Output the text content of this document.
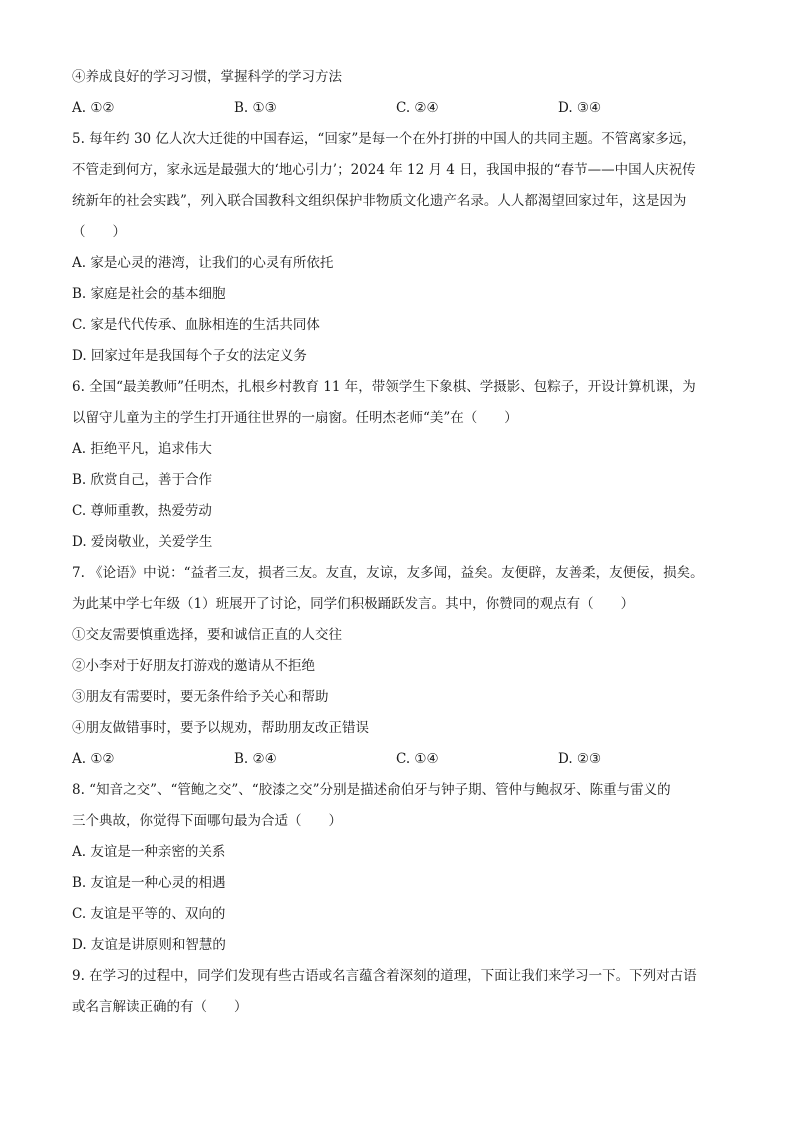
④养成良好的学习习惯，掌握科学的学习方法
A. ①②	B. ①③	C. ②④	D. ③④
5. 每年约 30 亿人次大迁徙的中国春运，“回家”是每一个在外打拼的中国人的共同主题。不管离家多远，
不管走到何方，家永远是最强大的‘地心引力’；2024 年 12 月 4 日，我国申报的“春节——中国人庆祝传
统新年的社会实践”，列入联合国教科文组织保护非物质文化遗产名录。人人都渴望回家过年，这是因为
（　　）
A. 家是心灵的港湾，让我们的心灵有所依托
B. 家庭是社会的基本细胞
C. 家是代代传承、血脉相连的生活共同体
D. 回家过年是我国每个子女的法定义务
6. 全国“最美教师”任明杰，扎根乡村教育 11 年，带领学生下象棋、学摄影、包粽子，开设计算机课，为
以留守儿童为主的学生打开通往世界的一扇窗。任明杰老师“美”在（　　）
A. 拒绝平凡，追求伟大
B. 欣赏自己，善于合作
C. 尊师重教，热爱劳动
D. 爱岗敬业，关爱学生
7. 《论语》中说：“益者三友，损者三友。友直，友谅，友多闻，益矣。友便辟，友善柔，友便佞，损矣。
为此某中学七年级（1）班展开了讨论，同学们积极踊跃发言。其中，你赞同的观点有（　　）
①交友需要慎重选择，要和诚信正直的人交往
②小李对于好朋友打游戏的邀请从不拒绝
③朋友有需要时，要无条件给予关心和帮助
④朋友做错事时，要予以规劝，帮助朋友改正错误
A. ①②	B. ②④	C. ①④	D. ②③
8. “知音之交”、“管鲍之交”、“胶漆之交”分别是描述俞伯牙与钟子期、管仲与鲍叔牙、陈重与雷义的
三个典故，你觉得下面哪句最为合适（　　）
A. 友谊是一种亲密的关系
B. 友谊是一种心灵的相遇
C. 友谊是平等的、双向的
D. 友谊是讲原则和智慧的
9. 在学习的过程中，同学们发现有些古语或名言蕴含着深刻的道理，下面让我们来学习一下。下列对古语
或名言解读正确的有（　　）
